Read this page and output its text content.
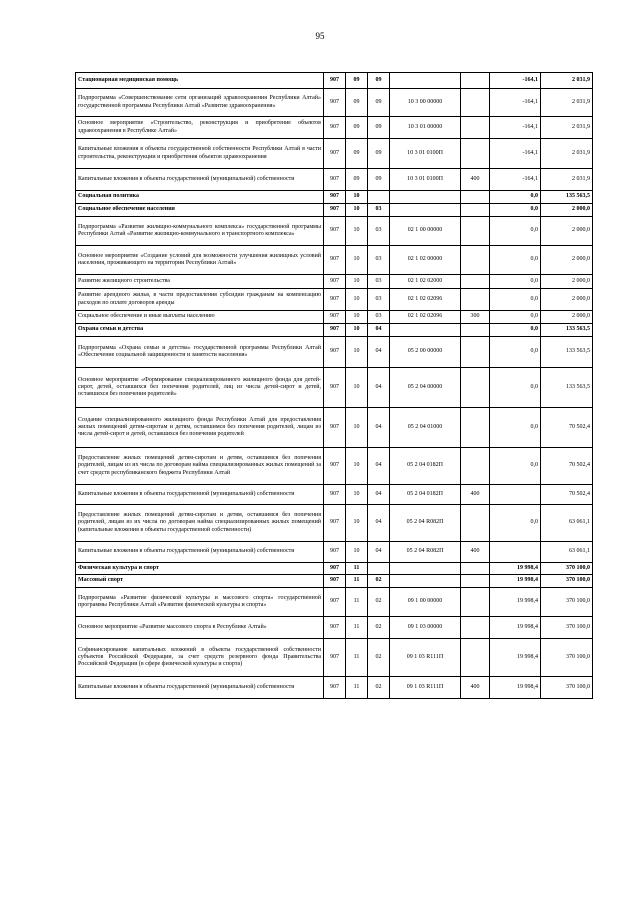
95
Стационарная медицинская помощь	907	09	09			-164,1	2 031,9
Подпрограмма «Совершенствование сети организаций здравоохранения Республики Алтай» государственной программы Республики Алтай «Развитие здравоохранения»	907	09	09	10 3 00 00000		-164,1	2 031,9
Основное мероприятие «Строительство, реконструкция и приобретение объектов здравоохранения в Республике Алтай»	907	09	09	10 3 01 00000		-164,1	2 031,9
Капитальные вложения в объекты государственной собственности Республики Алтай в части строительства, реконструкции и приобретения объектов здравоохранения	907	09	09	10 3 01 0100П		-164,1	2 031,9
Капитальные вложения в объекты государственной (муниципальной) собственности	907	09	09	10 3 01 0100П	400	-164,1	2 031,9
Социальная политика	907	10				0,0	135 563,5
Социальное обеспечение населения	907	10	03			0,0	2 000,0
Подпрограмма «Развитие жилищно-коммунального комплекса» государственной программы Республики Алтай «Развитие жилищно-коммунального и транспортного комплекса»	907	10	03	02 1 00 00000		0,0	2 000,0
Основное мероприятие «Создание условий для возможности улучшения жилищных условий населения, проживающего на территории Республики Алтай»	907	10	03	02 1 02 00000		0,0	2 000,0
Развитие жилищного строительства	907	10	03	02 1 02 02000		0,0	2 000,0
Развитие арендного жилья, в части предоставления субсидии гражданам на компенсацию расходов по оплате договоров аренды	907	10	03	02 1 02 02096		0,0	2 000,0
Социальное обеспечение и иные выплаты населению	907	10	03	02 1 02 02096	300	0,0	2 000,0
Охрана семьи и детства	907	10	04			0,0	133 563,5
Подпрограмма «Охрана семьи и детства» государственной программы Республики Алтай «Обеспечение социальной защищенности и занятости населения»	907	10	04	05 2 00 00000		0,0	133 563,5
Основное мероприятие «Формирование специализированного жилищного фонда для детей-сирот, детей, оставшихся без попечения родителей, лиц из числа детей-сирот и детей, оставшихся без попечения родителей»	907	10	04	05 2 04 00000		0,0	133 563,5
Создание специализированного жилищного фонда Республики Алтай для предоставления жилых помещений детям-сиротам и детям, оставшимся без попечения родителей, лицам из числа детей-сирот и детей, оставшихся без попечения родителей	907	10	04	05 2 04 01000		0,0	70 502,4
Предоставление жилых помещений детям-сиротам и детям, оставшимся без попечения родителей, лицам из их числа по договорам найма специализированных жилых помещений за счет средств республиканского бюджета Республики Алтай	907	10	04	05 2 04 0182П		0,0	70 502,4
Капитальные вложения в объекты государственной (муниципальной) собственности	907	10	04	05 2 04 0182П	400		70 502,4
Предоставление жилых помещений детям-сиротам и детям, оставшимся без попечения родителей, лицам из их числа по договорам найма специализированных жилых помещений (капитальные вложения в объекты государственной собственности)	907	10	04	05 2 04 R082П		0,0	63 061,1
Капитальные вложения в объекты государственной (муниципальной) собственности	907	10	04	05 2 04 R082П	400		63 061,1
Физическая культура и спорт	907	11				19 998,4	370 100,0
Массовый спорт	907	11	02			19 998,4	370 100,0
Подпрограмма «Развитие физической культуры и массового спорта» государственной программы Республики Алтай «Развитие физической культуры и спорта»	907	11	02	09 1 00 00000		19 998,4	370 100,0
Основное мероприятие «Развитие массового спорта в Республике Алтай»	907	11	02	09 1 03 00000		19 998,4	370 100,0
Софинансирование капитальных вложений в объекты государственной собственности субъектов Российской Федерации, за счет средств резервного фонда Правительства Российской Федерации (в сфере физической культуры и спорта)	907	11	02	09 1 03 R111П		19 998,4	370 100,0
Капитальные вложения в объекты государственной (муниципальной) собственности	907	11	02	09 1 03 R111П	400	19 998,4	370 100,0
